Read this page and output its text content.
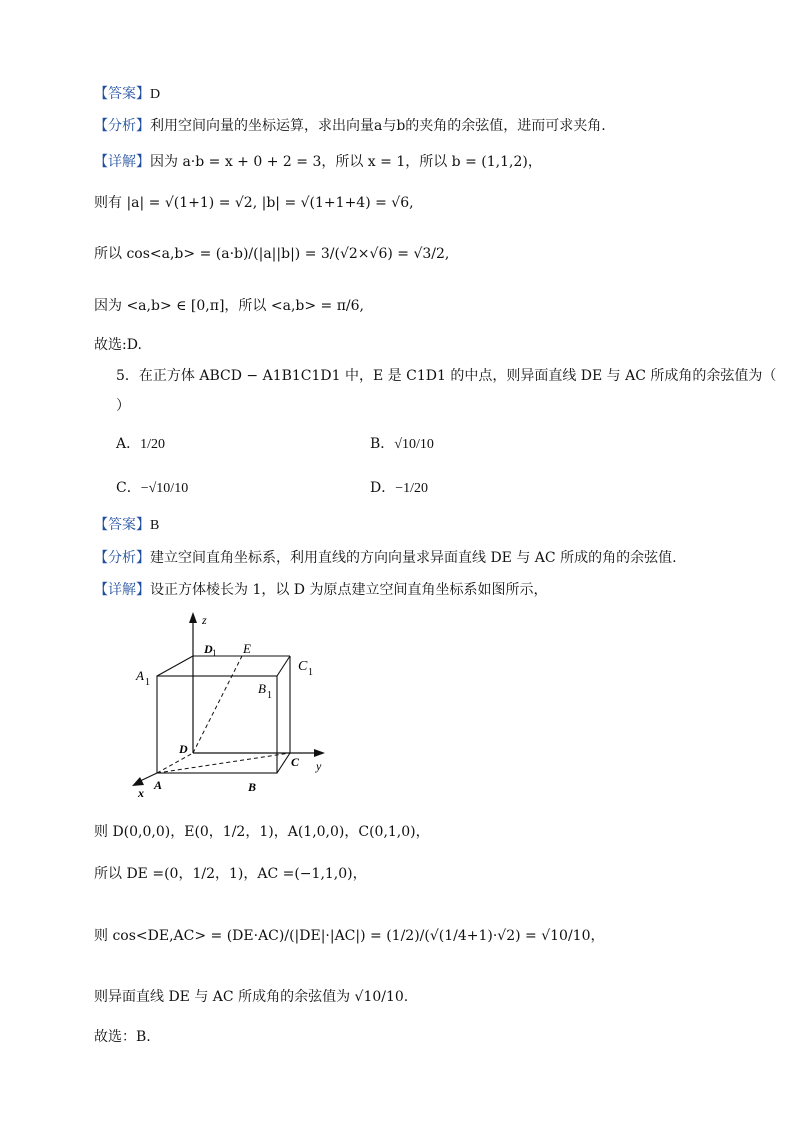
【答案】D
【分析】利用空间向量的坐标运算，求出向量a与b的夹角的余弦值，进而可求夹角.
【详解】因为 a·b = x + 0 + 2 = 3，所以 x = 1，所以 b = (1,1,2)，
则有 |a| = √(1+1) = √2, |b| = √(1+1+4) = √6,
所以 cos<a,b> = (a·b)/(|a||b|) = 3/(√2×√6) = √3/2,
因为 <a,b> ∈ [0,π]，所以 <a,b> = π/6,
故选:D.
5．在正方体 ABCD − A1B1C1D1 中，E 是 C1D1 的中点，则异面直线 DE 与 AC 所成角的余弦值为（
）
A．1/20	B．√10/10
C．−√10/10	D．−1/20
【答案】B
【分析】建立空间直角坐标系，利用直线的方向向量求异面直线 DE 与 AC 所成的角的余弦值.
【详解】设正方体棱长为 1，以 D 为原点建立空间直角坐标系如图所示，
z
y
x
A	B
C
D
E
A 1	B 1
C 1
D 1
则 D(0,0,0)，E(0，1/2，1)，A(1,0,0)，C(0,1,0)，
所以 DE =(0，1/2，1)，AC =(−1,1,0)，
则 cos<DE,AC> = (DE·AC)/(|DE|·|AC|) = (1/2)/(√(1/4+1)·√2) = √10/10，
则异面直线 DE 与 AC 所成角的余弦值为 √10/10.
故选：B.
